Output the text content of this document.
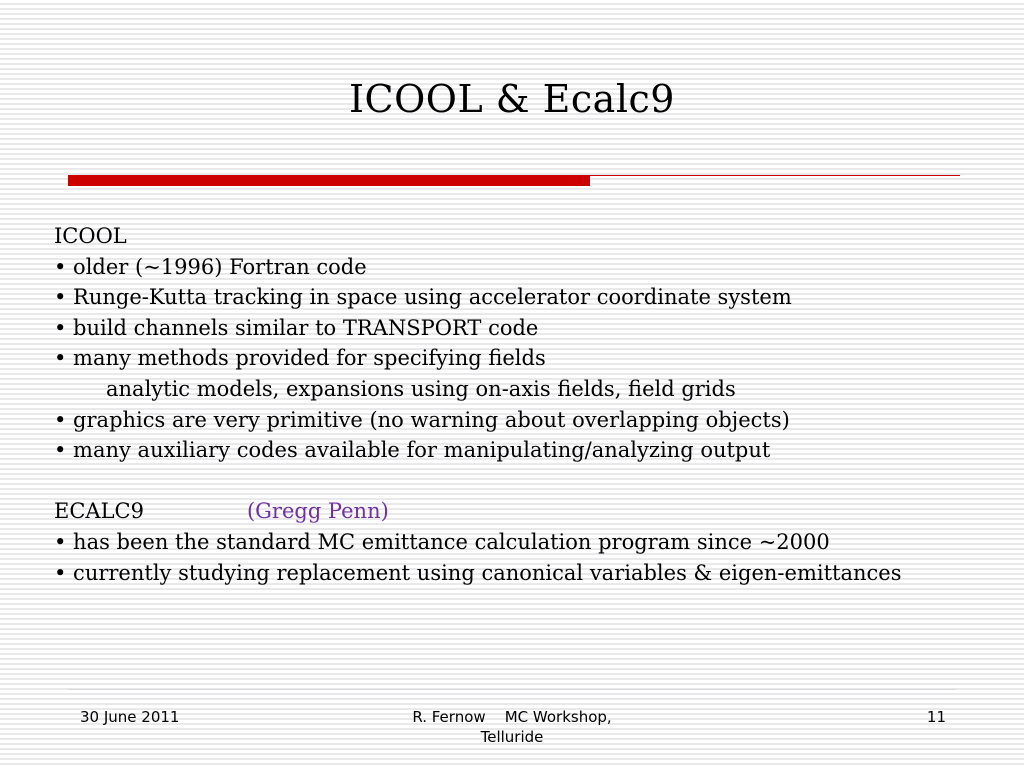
ICOOL & Ecalc9
ICOOL
• older (~1996) Fortran code
• Runge-Kutta tracking in space using accelerator coordinate system
• build channels similar to TRANSPORT code
• many methods provided for specifying fields
analytic models, expansions using on-axis fields, field grids
• graphics are very primitive (no warning about overlapping objects)
• many auxiliary codes available for manipulating/analyzing output
ECALC9	(Gregg Penn)
• has been the standard MC emittance calculation program since ~2000
• currently studying replacement using canonical variables & eigen-emittances
30 June 2011	R. Fernow    MC Workshop,
Telluride
11
